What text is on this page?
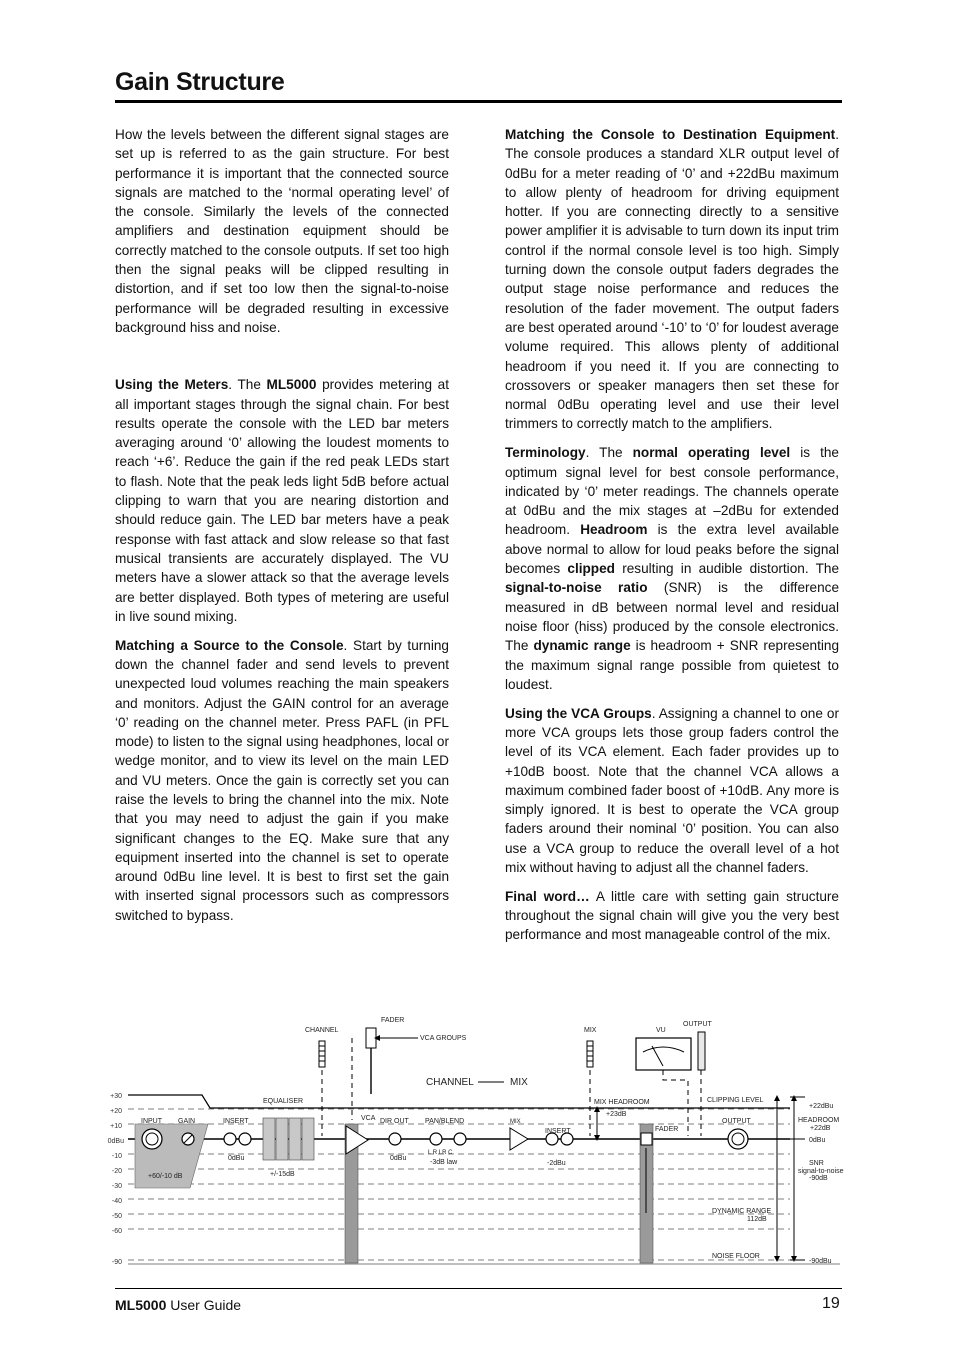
Gain Structure

How the levels between the different signal stages are set up is referred to as the gain structure. For best performance it is important that the connected source signals are matched to the ‘normal operating level’ of the console. Similarly the levels of the connected amplifiers and destination equipment should be correctly matched to the console outputs. If set too high then the signal peaks will be clipped resulting in distortion, and if set too low then the signal-to-noise performance will be degraded resulting in excessive background hiss and noise.

Using the Meters. The ML5000 provides metering at all important stages through the signal chain. For best results operate the console with the LED bar meters averaging around ‘0’ allowing the loudest moments to reach ‘+6’. Reduce the gain if the red peak LEDs start to flash. Note that the peak leds light 5dB before actual clipping to warn that you are nearing distortion and should reduce gain. The LED bar meters have a peak response with fast attack and slow release so that fast musical transients are accurately displayed. The VU meters have a slower attack so that the average levels are better displayed. Both types of metering are useful in live sound mixing.

Matching a Source to the Console. Start by turning down the channel fader and send levels to prevent unexpected loud volumes reaching the main speakers and monitors. Adjust the GAIN control for an average ‘0’ reading on the channel meter. Press PAFL (in PFL mode) to listen to the signal using headphones, local or wedge monitor, and to view its level on the main LED and VU meters. Once the gain is correctly set you can raise the levels to bring the channel into the mix. Note that you may need to adjust the gain if you make significant changes to the EQ. Make sure that any equipment inserted into the channel is set to operate around 0dBu line level. It is best to first set the gain with inserted signal processors such as compressors switched to bypass.

Matching the Console to Destination Equipment. The console produces a standard XLR output level of 0dBu for a meter reading of ‘0’ and +22dBu maximum to allow plenty of headroom for driving equipment hotter. If you are connecting directly to a sensitive power amplifier it is advisable to turn down its input trim control if the normal console level is too high. Simply turning down the console output faders degrades the output stage noise performance and reduces the resolution of the fader movement. The output faders are best operated around ‘-10’ to ‘0’ for loudest average volume required. This allows plenty of additional headroom if you need it. If you are connecting to crossovers or speaker managers then set these for normal 0dBu operating level and use their level trimmers to correctly match to the amplifiers.

Terminology. The normal operating level is the optimum signal level for best console performance, indicated by ‘0’ meter readings. The channels operate at 0dBu and the mix stages at –2dBu for extended headroom. Headroom is the extra level available above normal to allow for loud peaks before the signal becomes clipped resulting in audible distortion. The signal-to-noise ratio (SNR) is the difference measured in dB between normal level and residual noise floor (hiss) produced by the console electronics. The dynamic range is headroom + SNR representing the maximum signal range possible from quietest to loudest.

Using the VCA Groups. Assigning a channel to one or more VCA groups lets those group faders control the level of its VCA element. Each fader provides up to +10dB boost. Note that the channel VCA allows a maximum combined fader boost of +10dB. Any more is simply ignored. It is best to operate the VCA group faders around their nominal ‘0’ position. You can also use a VCA group to reduce the overall level of a hot mix without having to adjust all the channel faders.

Final word… A little care with setting gain structure throughout the signal chain will give you the very best performance and most manageable control of the mix.

+30
+20
+10
0dBu
-10
-20
-30
-40
-50
-60
-90
CHANNEL
FADER
VCA GROUPS
MIX	VU
OUTPUT
CHANNEL	MIX
INPUT GAIN
+60/-10 dB
INSERT
0dBu
EQUALISER
+/-15dB
VCA DIR OUT
0dBu
PAN/BLEND
L R LR C
-3dB law
MIX
INSERT
-2dBu
MIX HEADROOM
+23dB
FADER
CLIPPING LEVEL
OUTPUT
DYNAMIC RANGE
112dB
NOISE FLOOR
+22dBu
HEADROOM
+22dB
0dBu
SNR
signal-to-noise
-90dB
-90dBu
ML5000 User Guide	19
